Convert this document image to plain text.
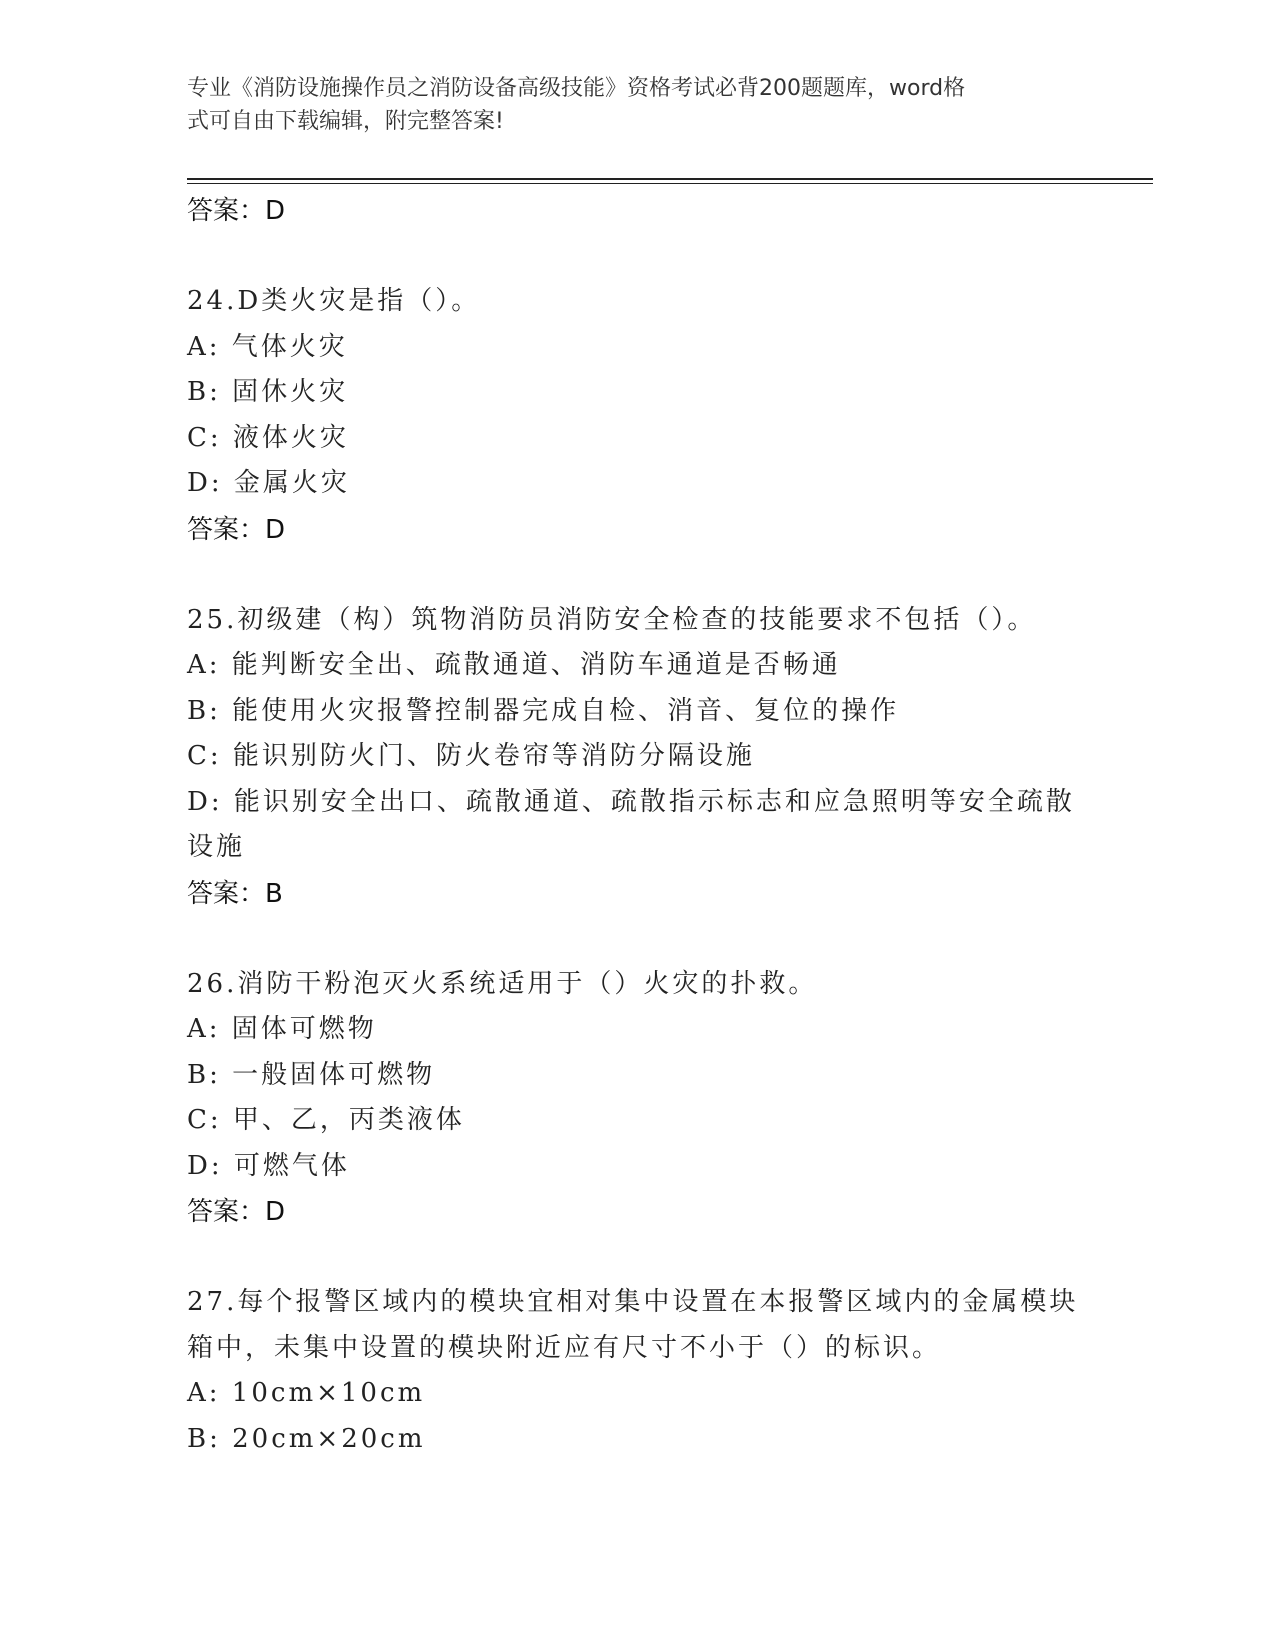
专业《消防设施操作员之消防设备高级技能》资格考试必背200题题库，word格
式可自由下载编辑，附完整答案!
答案：D
24.D类火灾是指（）。
A: 气体火灾
B: 固休火灾
C: 液体火灾
D: 金属火灾
答案：D
25.初级建（构）筑物消防员消防安全检查的技能要求不包括（）。
A: 能判断安全出、疏散通道、消防车通道是否畅通
B: 能使用火灾报警控制器完成自检、消音、复位的操作
C: 能识别防火门、防火卷帘等消防分隔设施
D: 能识别安全出口、疏散通道、疏散指示标志和应急照明等安全疏散
设施
答案：B
26.消防干粉泡灭火系统适用于（）火灾的扑救。
A: 固体可燃物
B: 一般固体可燃物
C: 甲、乙，丙类液体
D: 可燃气体
答案：D
27.每个报警区域内的模块宜相对集中设置在本报警区域内的金属模块
箱中，未集中设置的模块附近应有尺寸不小于（）的标识。
A: 10cm×10cm
B: 20cm×20cm
